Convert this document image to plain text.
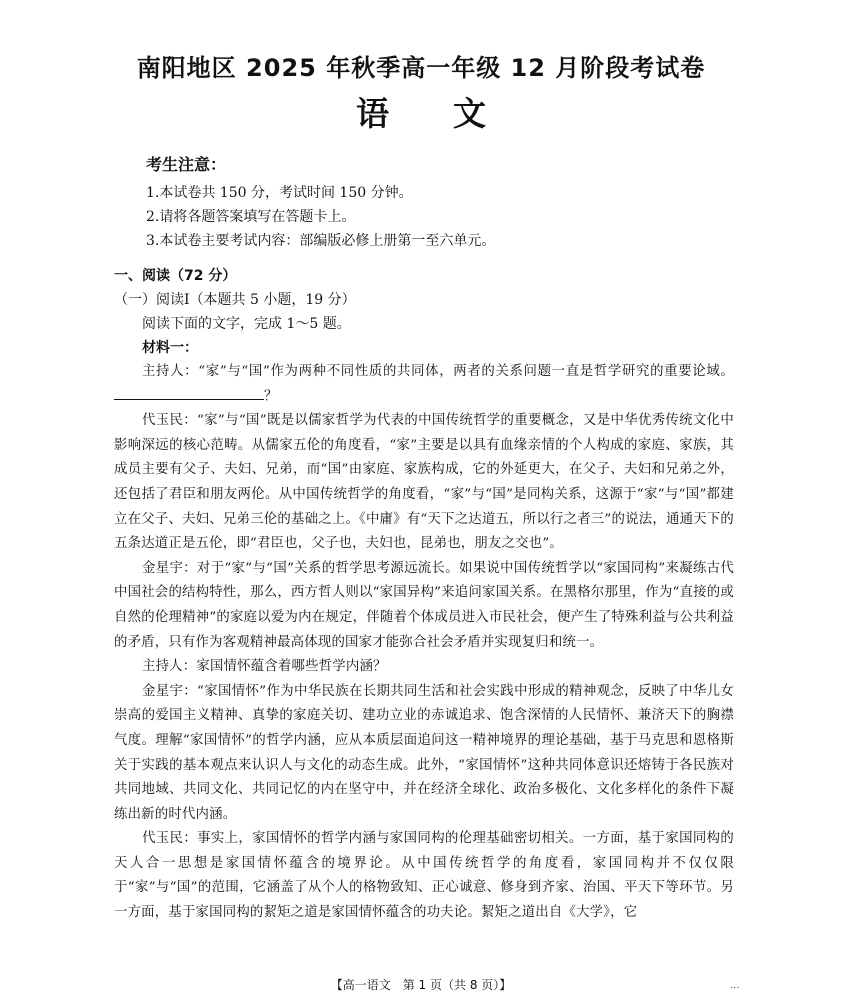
南阳地区 2025 年秋季高一年级 12 月阶段考试卷
语文
考生注意：
1.本试卷共 150 分，考试时间 150 分钟。
2.请将各题答案填写在答题卡上。
3.本试卷主要考试内容：部编版必修上册第一至六单元。
一、阅读（72 分）
（一）阅读Ⅰ（本题共 5 小题，19 分）
阅读下面的文字，完成 1～5 题。
材料一：

主持人：“家”与“国”作为两种不同性质的共同体，两者的关系问题一直是哲学研究的重要论域。？

代玉民：“家”与“国”既是以儒家哲学为代表的中国传统哲学的重要概念，又是中华优秀传统文化中影响深远的核心范畴。从儒家五伦的角度看，“家”主要是以具有血缘亲情的个人构成的家庭、家族，其成员主要有父子、夫妇、兄弟，而“国”由家庭、家族构成，它的外延更大，在父子、夫妇和兄弟之外，还包括了君臣和朋友两伦。从中国传统哲学的角度看，“家”与“国”是同构关系，这源于“家”与“国”都建立在父子、夫妇、兄弟三伦的基础之上。《中庸》有“天下之达道五，所以行之者三”的说法，通通天下的五条达道正是五伦，即“君臣也，父子也，夫妇也，昆弟也，朋友之交也”。

金星宇：对于“家”与“国”关系的哲学思考源远流长。如果说中国传统哲学以“家国同构”来凝练古代中国社会的结构特性，那么，西方哲人则以“家国异构”来追问家国关系。在黑格尔那里，作为“直接的或自然的伦理精神”的家庭以爱为内在规定，伴随着个体成员进入市民社会，便产生了特殊利益与公共利益的矛盾，只有作为客观精神最高体现的国家才能弥合社会矛盾并实现复归和统一。

主持人：家国情怀蕴含着哪些哲学内涵？

金星宇：“家国情怀”作为中华民族在长期共同生活和社会实践中形成的精神观念，反映了中华儿女崇高的爱国主义精神、真挚的家庭关切、建功立业的赤诚追求、饱含深情的人民情怀、兼济天下的胸襟气度。理解“家国情怀”的哲学内涵，应从本质层面追问这一精神境界的理论基础，基于马克思和恩格斯关于实践的基本观点来认识人与文化的动态生成。此外，“家国情怀”这种共同体意识还熔铸于各民族对共同地域、共同文化、共同记忆的内在坚守中，并在经济全球化、政治多极化、文化多样化的条件下凝练出新的时代内涵。

代玉民：事实上，家国情怀的哲学内涵与家国同构的伦理基础密切相关。一方面，基于家国同构的天人合一思想是家国情怀蕴含的境界论。从中国传统哲学的角度看，家国同构并不仅仅限于“家”与“国”的范围，它涵盖了从个人的格物致知、正心诚意、修身到齐家、治国、平天下等环节。另一方面，基于家国同构的絜矩之道是家国情怀蕴含的功夫论。絜矩之道出自《大学》，它

【高一语文　第 1 页（共 8 页）】	...
